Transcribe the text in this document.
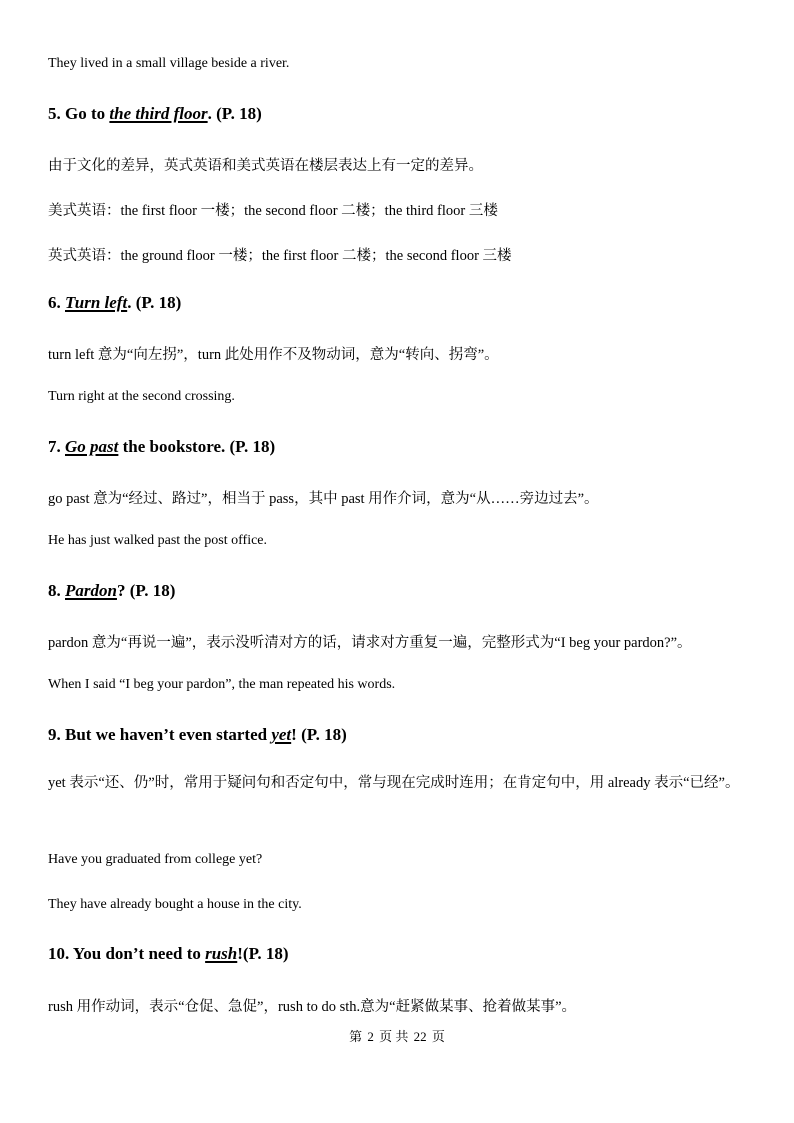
They lived in a small village beside a river.
5. Go to the third floor. (P. 18)
由于文化的差异，英式英语和美式英语在楼层表达上有一定的差异。
美式英语：the first floor 一楼；the second floor 二楼；the third floor 三楼
英式英语：the ground floor 一楼；the first floor 二楼；the second floor 三楼
6. Turn left. (P. 18)
turn left 意为“向左拐”，turn 此处用作不及物动词，意为“转向、拐弯”。
Turn right at the second crossing.
7. Go past the bookstore. (P. 18)
go past 意为“经过、路过”，相当于 pass，其中 past 用作介词，意为“从……旁边过去”。
He has just walked past the post office.
8. Pardon? (P. 18)
pardon 意为“再说一遍”，表示没听清对方的话，请求对方重复一遍，完整形式为“I beg your pardon?”。
When I said “I beg your pardon”, the man repeated his words.
9. But we haven’t even started yet! (P. 18)
yet 表示“还、仍”时，常用于疑问句和否定句中，常与现在完成时连用；在肯定句中，用 already 表示“已经”。
Have you graduated from college yet?
They have already bought a house in the city.
10. You don’t need to rush!(P. 18)
rush 用作动词，表示“仓促、急促”，rush to do sth.意为“赶紧做某事、抢着做某事”。
第 2 页 共 22 页
